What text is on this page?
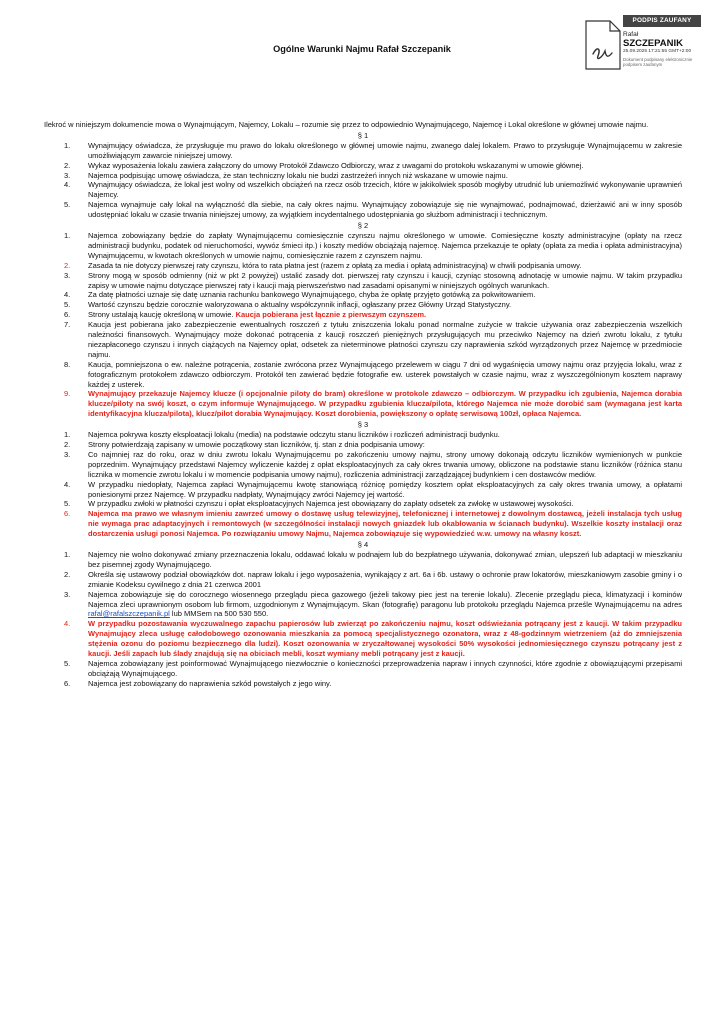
Ogólne Warunki Najmu Rafał Szczepanik
PODPIS ZAUFANY
Rafał
SZCZEPANIK
25.09.2025 17:21:55 GMT+2:00
Dokument podpisany elektronicznie podpisem zaufanym

Ilekroć w niniejszym dokumencie mowa o Wynajmującym, Najemcy, Lokalu – rozumie się przez to odpowiednio Wynajmującego, Najemcę i Lokal określone w głównej umowie najmu.

§ 1
1. Wynajmujący oświadcza, że przysługuje mu prawo do lokalu określonego w głównej umowie najmu, zwanego dalej lokalem. Prawo to przysługuje Wynajmującemu w zakresie umożliwiającym zawarcie niniejszej umowy.
2. Wykaz wyposażenia lokalu zawiera załączony do umowy Protokół Zdawczo Odbiorczy, wraz z uwagami do protokołu wskazanymi w umowie głównej.
3. Najemca podpisując umowę oświadcza, że stan techniczny lokalu nie budzi zastrzeżeń innych niż wskazane w umowie najmu.
4. Wynajmujący oświadcza, że lokal jest wolny od wszelkich obciążeń na rzecz osób trzecich, które w jakikolwiek sposób mogłyby utrudnić lub uniemożliwić wykonywanie uprawnień Najemcy.
5. Najemca wynajmuje cały lokal na wyłączność dla siebie, na cały okres najmu. Wynajmujący zobowiązuje się nie wynajmować, podnajmować, dzierżawić ani w inny sposób udostępniać lokalu w czasie trwania niniejszej umowy, za wyjątkiem incydentalnego udostępniania go służbom administracji i technicznym.
§ 2
1. Najemca zobowiązany będzie do zapłaty Wynajmującemu comiesięcznie czynszu najmu określonego w umowie. Comiesięczne koszty administracyjne (opłaty na rzecz administracji budynku, podatek od nieruchomości, wywóz śmieci itp.) i koszty mediów obciążają najemcę. Najemca przekazuje te opłaty (opłata za media i opłata administracyjna) Wynajmującemu, w kwotach określonych w umowie najmu, comiesięcznie razem z czynszem najmu.
2. Zasada ta nie dotyczy pierwszej raty czynszu, która to rata płatna jest (razem z opłatą za media i opłatą administracyjną) w chwili podpisania umowy.
3. Strony mogą w sposób odmienny (niż w pkt 2 powyżej) ustalić zasady dot. pierwszej raty czynszu i kaucji, czyniąc stosowną adnotację w umowie najmu. W takim przypadku zapisy w umowie najmu dotyczące pierwszej raty i kaucji mają pierwszeństwo nad zasadami opisanymi w niniejszych ogólnych warunkach.
4. Za datę płatności uznaje się datę uznania rachunku bankowego Wynajmującego, chyba że opłatę przyjęto gotówką za pokwitowaniem.
5. Wartość czynszu będzie corocznie waloryzowana o aktualny współczynnik inflacji, ogłaszany przez Główny Urząd Statystyczny.
6. Strony ustalają kaucję określoną w umowie. Kaucja pobierana jest łącznie z pierwszym czynszem.
7. Kaucja jest pobierana jako zabezpieczenie ewentualnych roszczeń z tytułu zniszczenia lokalu ponad normalne zużycie w trakcie używania oraz zabezpieczenia wszelkich należności finansowych. Wynajmujący może dokonać potrącenia z kaucji roszczeń pieniężnych przysługujących mu przeciwko Najemcy na dzień zwrotu lokalu, z tytułu niezapłaconego czynszu i innych ciążących na Najemcy opłat, odsetek za nieterminowe płatności czynszu czy naprawienia szkód wyrządzonych przez Najemcę w przedmiocie najmu.
8. Kaucja, pomniejszona o ew. należne potrącenia, zostanie zwrócona przez Wynajmującego przelewem w ciągu 7 dni od wygaśnięcia umowy najmu oraz przyjęcia lokalu, wraz z fotograficznym protokołem zdawczo odbiorczym. Protokół ten zawierać będzie fotografie ew. usterek powstałych w czasie najmu, wraz z wyszczególnionym kosztem naprawy każdej z usterek.
9. Wynajmujący przekazuje Najemcy klucze (i opcjonalnie piloty do bram) określone w protokole zdawczo – odbiorczym. W przypadku ich zgubienia, Najemca dorabia klucze/piloty na swój koszt, o czym informuje Wynajmującego. W przypadku zgubienia klucza/pilota, którego Najemca nie może dorobić sam (wymagana jest karta identyfikacyjna klucza/pilota), klucz/pilot dorabia Wynajmujący. Koszt dorobienia, powiększony o opłatę serwisową 100zł, opłaca Najemca.
§ 3
1. Najemca pokrywa koszty eksploatacji lokalu (media) na podstawie odczytu stanu liczników i rozliczeń administracji budynku.
2. Strony potwierdzają zapisany w umowie początkowy stan liczników, tj. stan z dnia podpisania umowy:
3. Co najmniej raz do roku, oraz w dniu zwrotu lokalu Wynajmującemu po zakończeniu umowy najmu, strony umowy dokonają odczytu liczników wymienionych w punkcie poprzednim. Wynajmujący przedstawi Najemcy wyliczenie każdej z opłat eksploatacyjnych za cały okres trwania umowy, obliczone na podstawie stanu liczników (różnica stanu licznika w momencie zwrotu lokalu i w momencie podpisania umowy najmu), rozliczenia administracji zarządzającej budynkiem i cen dostawców mediów.
4. W przypadku niedopłaty, Najemca zapłaci Wynajmującemu kwotę stanowiącą różnicę pomiędzy kosztem opłat eksploatacyjnych za cały okres trwania umowy, a opłatami poniesionymi przez Najemcę. W przypadku nadpłaty, Wynajmujący zwróci Najemcy jej wartość.
5. W przypadku zwłoki w płatności czynszu i opłat eksploatacyjnych Najemca jest obowiązany do zapłaty odsetek za zwłokę w ustawowej wysokości.
6. Najemca ma prawo we własnym imieniu zawrzeć umowy o dostawę usług telewizyjnej, telefonicznej i internetowej z dowolnym dostawcą, jeżeli instalacja tych usług nie wymaga prac adaptacyjnych i remontowych (w szczególności instalacji nowych gniazdek lub okablowania w ścianach budynku). Wszelkie koszty instalacji oraz dostarczenia usługi ponosi Najemca. Po rozwiązaniu umowy Najmu, Najemca zobowiązuje się wypowiedzieć w.w. umowy na własny koszt.
§ 4
1. Najemcy nie wolno dokonywać zmiany przeznaczenia lokalu, oddawać lokalu w podnajem lub do bezpłatnego używania, dokonywać zmian, ulepszeń lub adaptacji w mieszkaniu bez pisemnej zgody Wynajmującego.
2. Określa się ustawowy podział obowiązków dot. napraw lokalu i jego wyposażenia, wynikający z art. 6a i 6b. ustawy o ochronie praw lokatorów, mieszkaniowym zasobie gminy i o zmianie Kodeksu cywilnego z dnia 21 czerwca 2001
3. Najemca zobowiązuje się do corocznego wiosennego przeglądu pieca gazowego (jeżeli takowy piec jest na terenie lokalu). Zlecenie przeglądu pieca, klimatyzacji i kominów Najemca zleci uprawnionym osobom lub firmom, uzgodnionym z Wynajmującym. Skan (fotografię) paragonu lub protokołu przeglądu Najemca prześle Wynajmującemu na adres rafal@rafalszczepanik.pl lub MMSem na 500 530 550.
4. W przypadku pozostawania wyczuwalnego zapachu papierosów lub zwierząt po zakończeniu najmu, koszt odświeżania potrącany jest z kaucji. W takim przypadku Wynajmujący zleca usługę całodobowego ozonowania mieszkania za pomocą specjalistycznego ozonatora, wraz z 48-godzinnym wietrzeniem (aż do zmniejszenia stężenia ozonu do poziomu bezpiecznego dla ludzi). Koszt ozonowania w zryczałtowanej wysokości 50% wysokości jednomiesięcznego czynszu potrącany jest z kaucji. Jeśli zapach lub ślady znajdują się na obiciach mebli, koszt wymiany mebli potrącany jest z kaucji.
5. Najemca zobowiązany jest poinformować Wynajmującego niezwłocznie o konieczności przeprowadzenia napraw i innych czynności, które zgodnie z obowiązującymi przepisami obciążają Wynajmującego.
6. Najemca jest zobowiązany do naprawienia szkód powstałych z jego winy.
